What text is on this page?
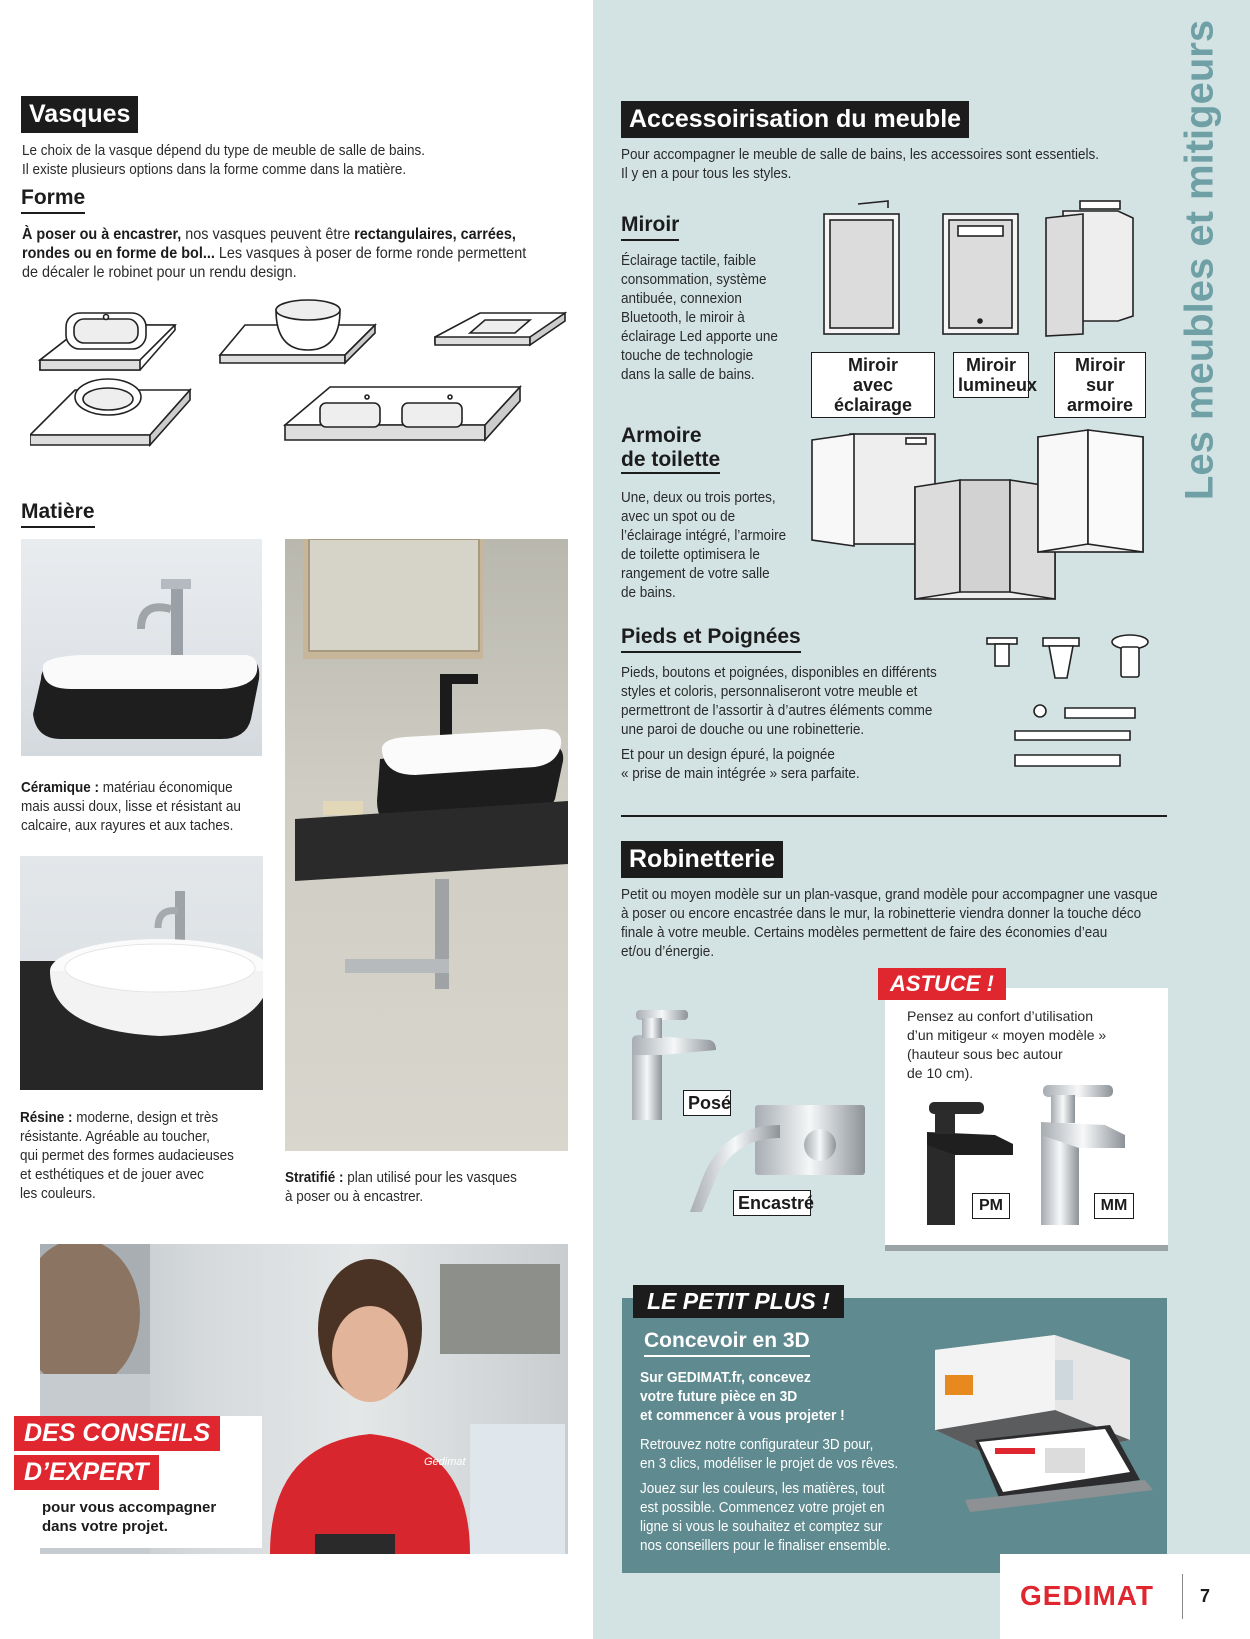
Vasques
Le choix de la vasque dépend du type de meuble de salle de bains.
Il existe plusieurs options dans la forme comme dans la matière.
Forme
À poser ou à encastrer, nos vasques peuvent être rectangulaires, carrées,
rondes ou en forme de bol... Les vasques à poser de forme ronde permettent
de décaler le robinet pour un rendu design.
Matière
Céramique : matériau économique
mais aussi doux, lisse et résistant au
calcaire, aux rayures et aux taches.
Résine : moderne, design et très
résistante. Agréable au toucher,
qui permet des formes audacieuses
et esthétiques et de jouer avec
les couleurs.
Stratifié : plan utilisé pour les vasques
à poser ou à encastrer.
Gedimat
DES CONSEILS
D’EXPERT
pour vous accompagner
dans votre projet.
Les meubles et mitigeurs
Accessoirisation du meuble
Pour accompagner le meuble de salle de bains, les accessoires sont essentiels.
Il y en a pour tous les styles.
Miroir
Éclairage tactile, faible
consommation, système
antibuée, connexion
Bluetooth, le miroir à
éclairage Led apporte une
touche de technologie
dans la salle de bains.	Miroir
avec éclairage
Miroir
lumineux
Miroir
sur armoire
Armoire
de toilette
Une, deux ou trois portes,
avec un spot ou de
l’éclairage intégré, l’armoire
de toilette optimisera le
rangement de votre salle
de bains.
Pieds et Poignées
Pieds, boutons et poignées, disponibles en différents
styles et coloris, personnaliseront votre meuble et
permettront de l’assortir à d’autres éléments comme
une paroi de douche ou une robinetterie.
Et pour un design épuré, la poignée
« prise de main intégrée » sera parfaite.
Robinetterie
Petit ou moyen modèle sur un plan-vasque, grand modèle pour accompagner une vasque
à poser ou encore encastrée dans le mur, la robinetterie viendra donner la touche déco
finale à votre meuble. Certains modèles permettent de faire des économies d’eau
et/ou d’énergie.
Posé
Encastré
ASTUCE !
Pensez au confort d’utilisation
d’un mitigeur « moyen modèle »
(hauteur sous bec autour
de 10 cm).
PM	MM
LE PETIT PLUS !
Concevoir en 3D
Sur GEDIMAT.fr, concevez
votre future pièce en 3D
et commencer à vous projeter !
Retrouvez notre configurateur 3D pour,
en 3 clics, modéliser le projet de vos rêves.
Jouez sur les couleurs, les matières, tout
est possible. Commencez votre projet en
ligne si vous le souhaitez et comptez sur
nos conseillers pour le finaliser ensemble.
GEDIMAT	7
